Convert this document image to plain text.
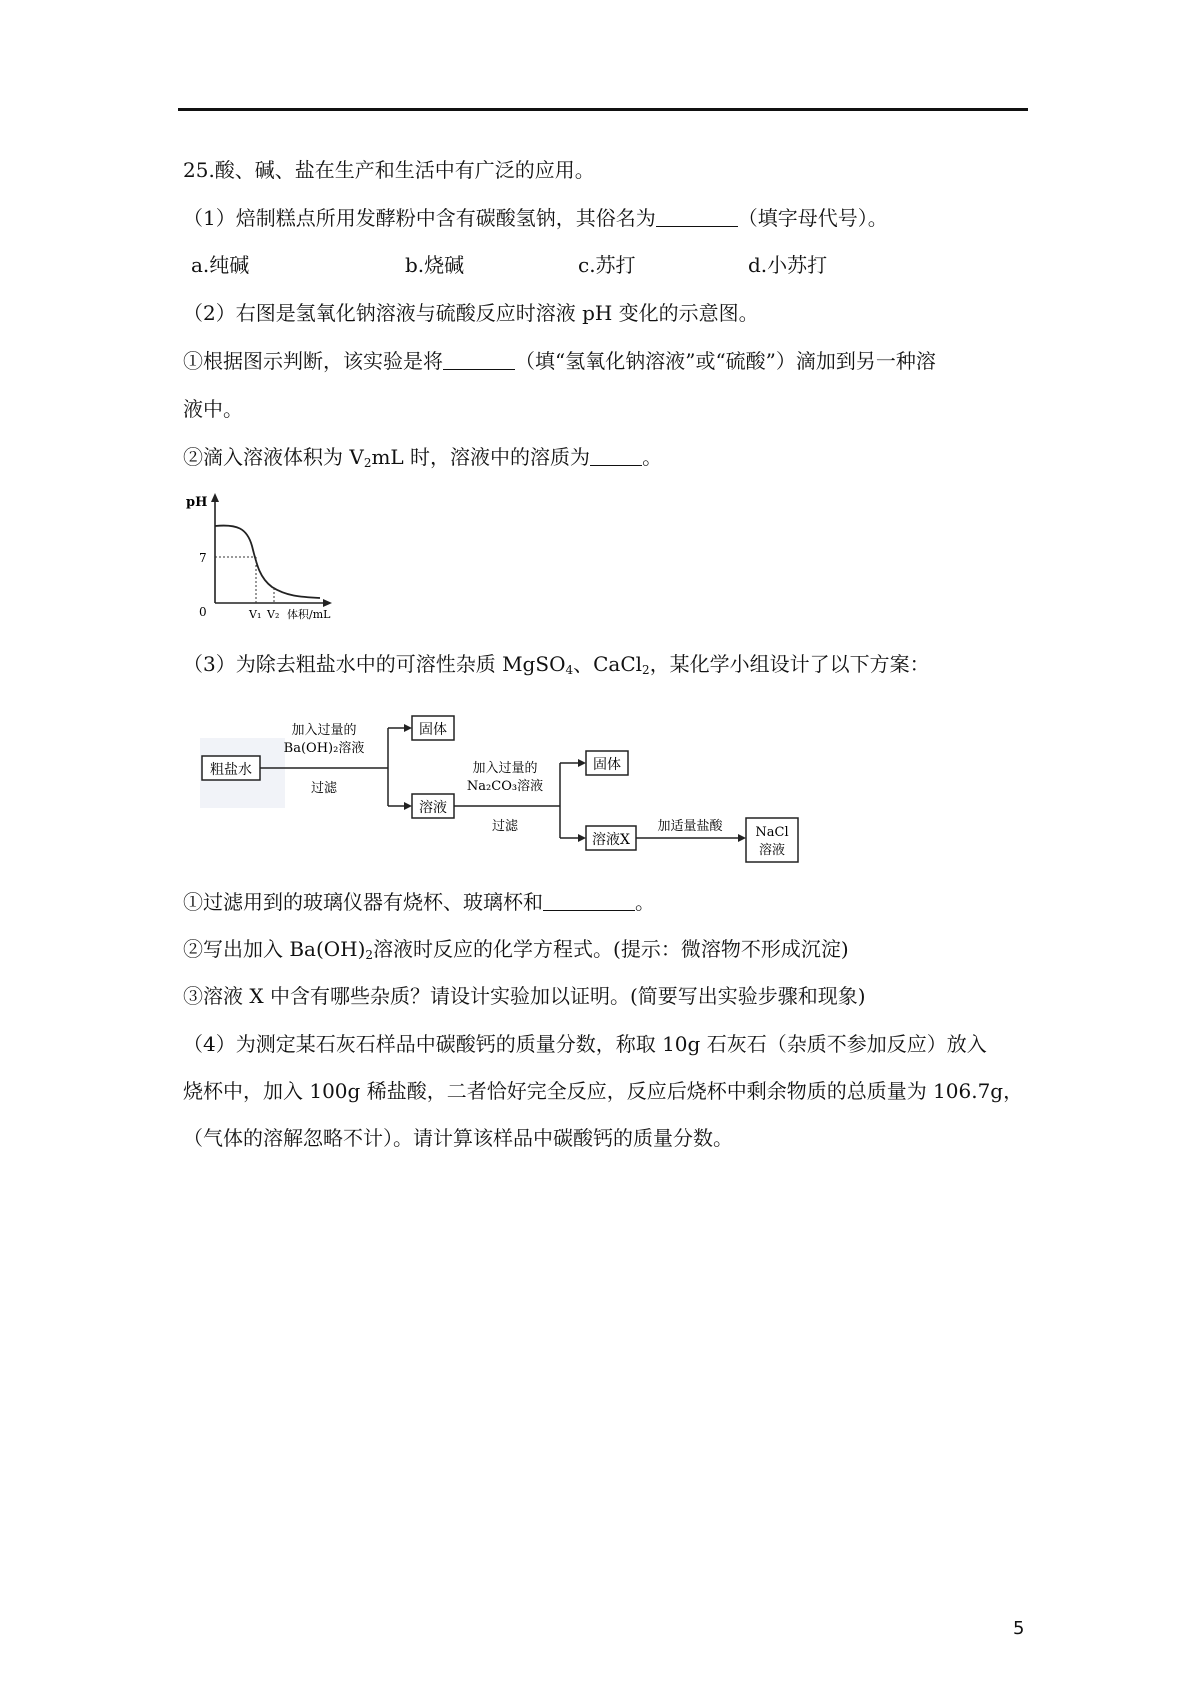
25.酸、碱、盐在生产和生活中有广泛的应用。
（1）焙制糕点所用发酵粉中含有碳酸氢钠，其俗名为	（填字母代号）。
a.纯碱	b.烧碱	c.苏打	d.小苏打
（2）右图是氢氧化钠溶液与硫酸反应时溶液 pH 变化的示意图。
①根据图示判断，该实验是将	（填“氢氧化钠溶液”或“硫酸”）滴加到另一种溶
液中。
②滴入溶液体积为 $V_2mL$ 时，溶液中的溶质为	。
pH
7
0	V₁ V₂ 体积/mL
（3）为除去粗盐水中的可溶性杂质 MgSO$_4$、CaCl$_2$，某化学小组设计了以下方案：
粗盐水
加入过量的
Ba(OH)₂溶液
过滤
固体
溶液
加入过量的
Na₂CO₃溶液
过滤
固体
溶液X
加适量盐酸	NaCl
溶液
①过滤用到的玻璃仪器有烧杯、玻璃杯和	。
②写出加入 $Ba(OH)_2$溶液时反应的化学方程式。(提示：微溶物不形成沉淀)
③溶液 X 中含有哪些杂质？请设计实验加以证明。(简要写出实验步骤和现象)
（4）为测定某石灰石样品中碳酸钙的质量分数，称取 10g 石灰石（杂质不参加反应）放入
烧杯中，加入 100g 稀盐酸，二者恰好完全反应，反应后烧杯中剩余物质的总质量为 106.7g，
（气体的溶解忽略不计）。请计算该样品中碳酸钙的质量分数。
5
